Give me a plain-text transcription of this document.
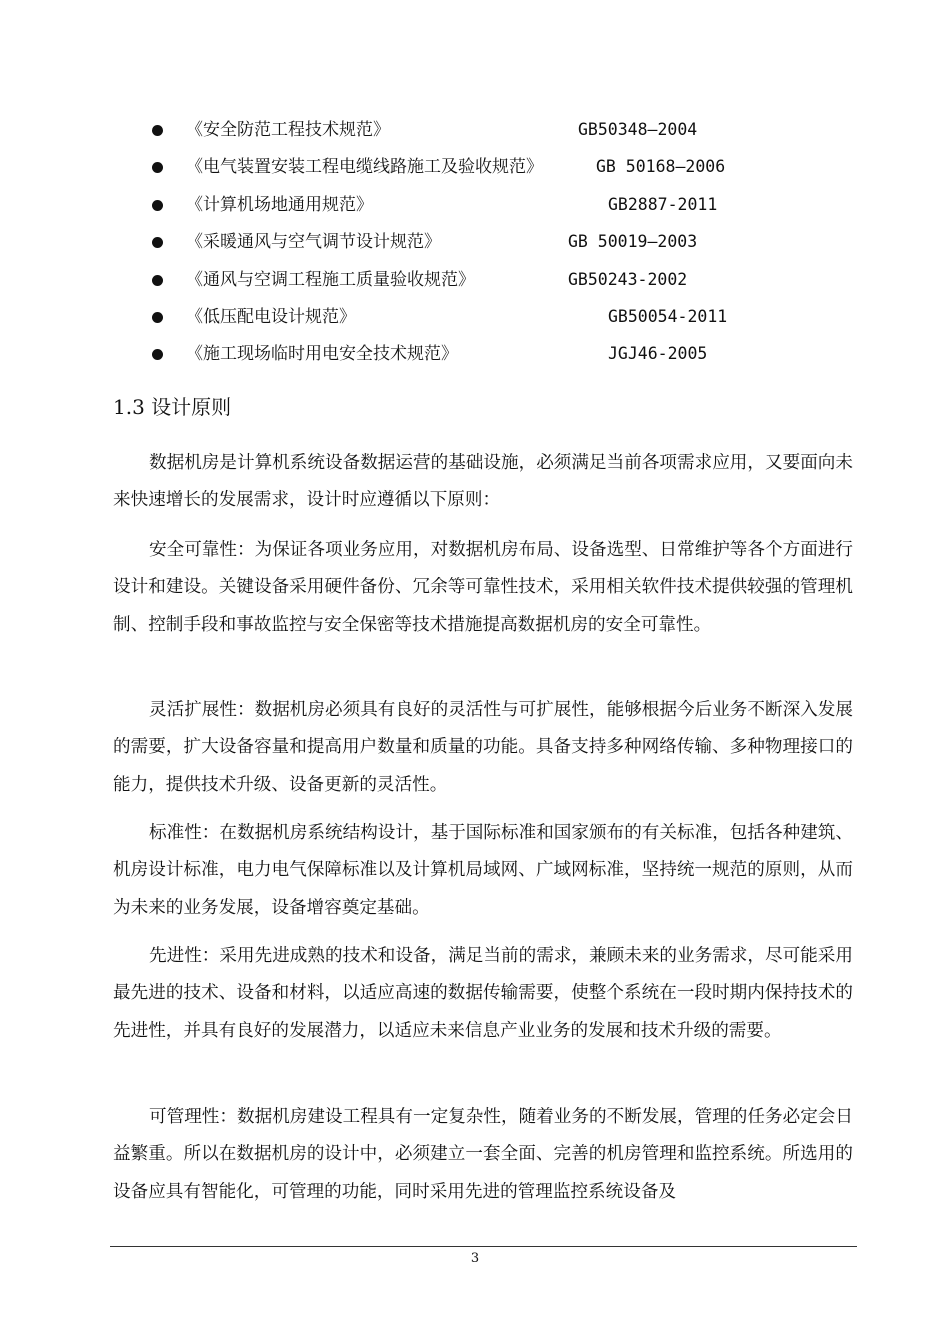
《安全防范工程技术规范》	GB50348—2004
《电气装置安装工程电缆线路施工及验收规范》	GB 50168—2006
《计算机场地通用规范》	GB2887-2011
《采暖通风与空气调节设计规范》	GB 50019—2003
《通风与空调工程施工质量验收规范》	GB50243-2002
《低压配电设计规范》	GB50054-2011
《施工现场临时用电安全技术规范》	JGJ46-2005
1.3 设计原则

数据机房是计算机系统设备数据运营的基础设施，必须满足当前各项需求应用，又要面向未来快速增长的发展需求，设计时应遵循以下原则：

安全可靠性：为保证各项业务应用，对数据机房布局、设备选型、日常维护等各个方面进行设计和建设。关键设备采用硬件备份、冗余等可靠性技术，采用相关软件技术提供较强的管理机制、控制手段和事故监控与安全保密等技术措施提高数据机房的安全可靠性。

灵活扩展性：数据机房必须具有良好的灵活性与可扩展性，能够根据今后业务不断深入发展的需要，扩大设备容量和提高用户数量和质量的功能。具备支持多种网络传输、多种物理接口的能力，提供技术升级、设备更新的灵活性。

标准性：在数据机房系统结构设计，基于国际标准和国家颁布的有关标准，包括各种建筑、机房设计标准，电力电气保障标准以及计算机局域网、广域网标准，坚持统一规范的原则，从而为未来的业务发展，设备增容奠定基础。

先进性：采用先进成熟的技术和设备，满足当前的需求，兼顾未来的业务需求，尽可能采用最先进的技术、设备和材料，以适应高速的数据传输需要，使整个系统在一段时期内保持技术的先进性，并具有良好的发展潜力，以适应未来信息产业业务的发展和技术升级的需要。

可管理性：数据机房建设工程具有一定复杂性，随着业务的不断发展，管理的任务必定会日益繁重。所以在数据机房的设计中，必须建立一套全面、完善的机房管理和监控系统。所选用的设备应具有智能化，可管理的功能，同时采用先进的管理监控系统设备及

3
